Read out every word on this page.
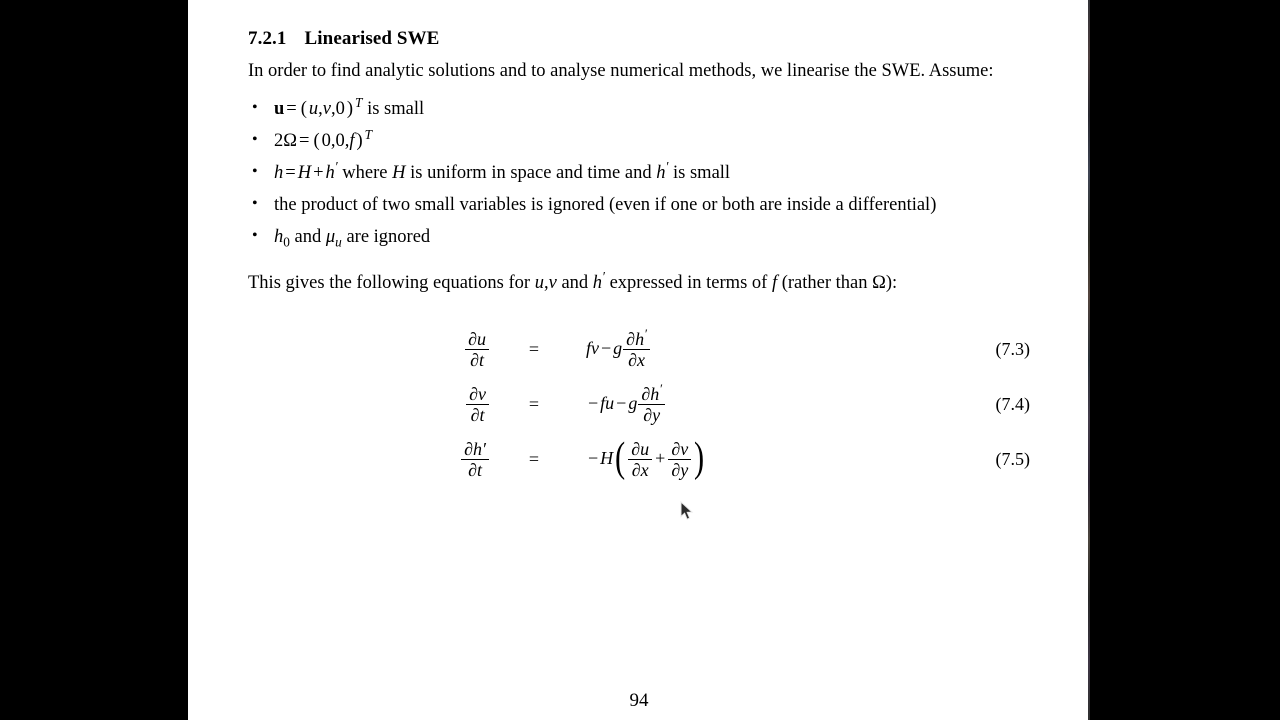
7.2.1 Linearised SWE

In order to find analytic solutions and to analyse numerical methods, we linearise the SWE. Assume:

• u = ( u,v,0 ) $^T$ is small
• 2Ω = ( 0,0,f ) $^T$
• h = H + h′ where H is uniform in space and time and h′ is small
• the product of two small variables is ignored (even if one or both are inside a differential)
• $h_0$ and $\mu_u$ are ignored

This gives the following equations for u,v and h′ expressed in terms of f (rather than Ω):

$\frac{\partial u}{\partial t}$	=	fv − g $\frac{\partial h'}{\partial x}$	(7.3)
$\frac{\partial v}{\partial t}$	=	− fu − g $\frac{\partial h'}{\partial y}$	(7.4)
$\frac{\partial h'}{\partial t}$	=	− $H( \frac{\partial u}{\partial x} + \frac{\partial v}{\partial y}$ )	(7.5)
94
